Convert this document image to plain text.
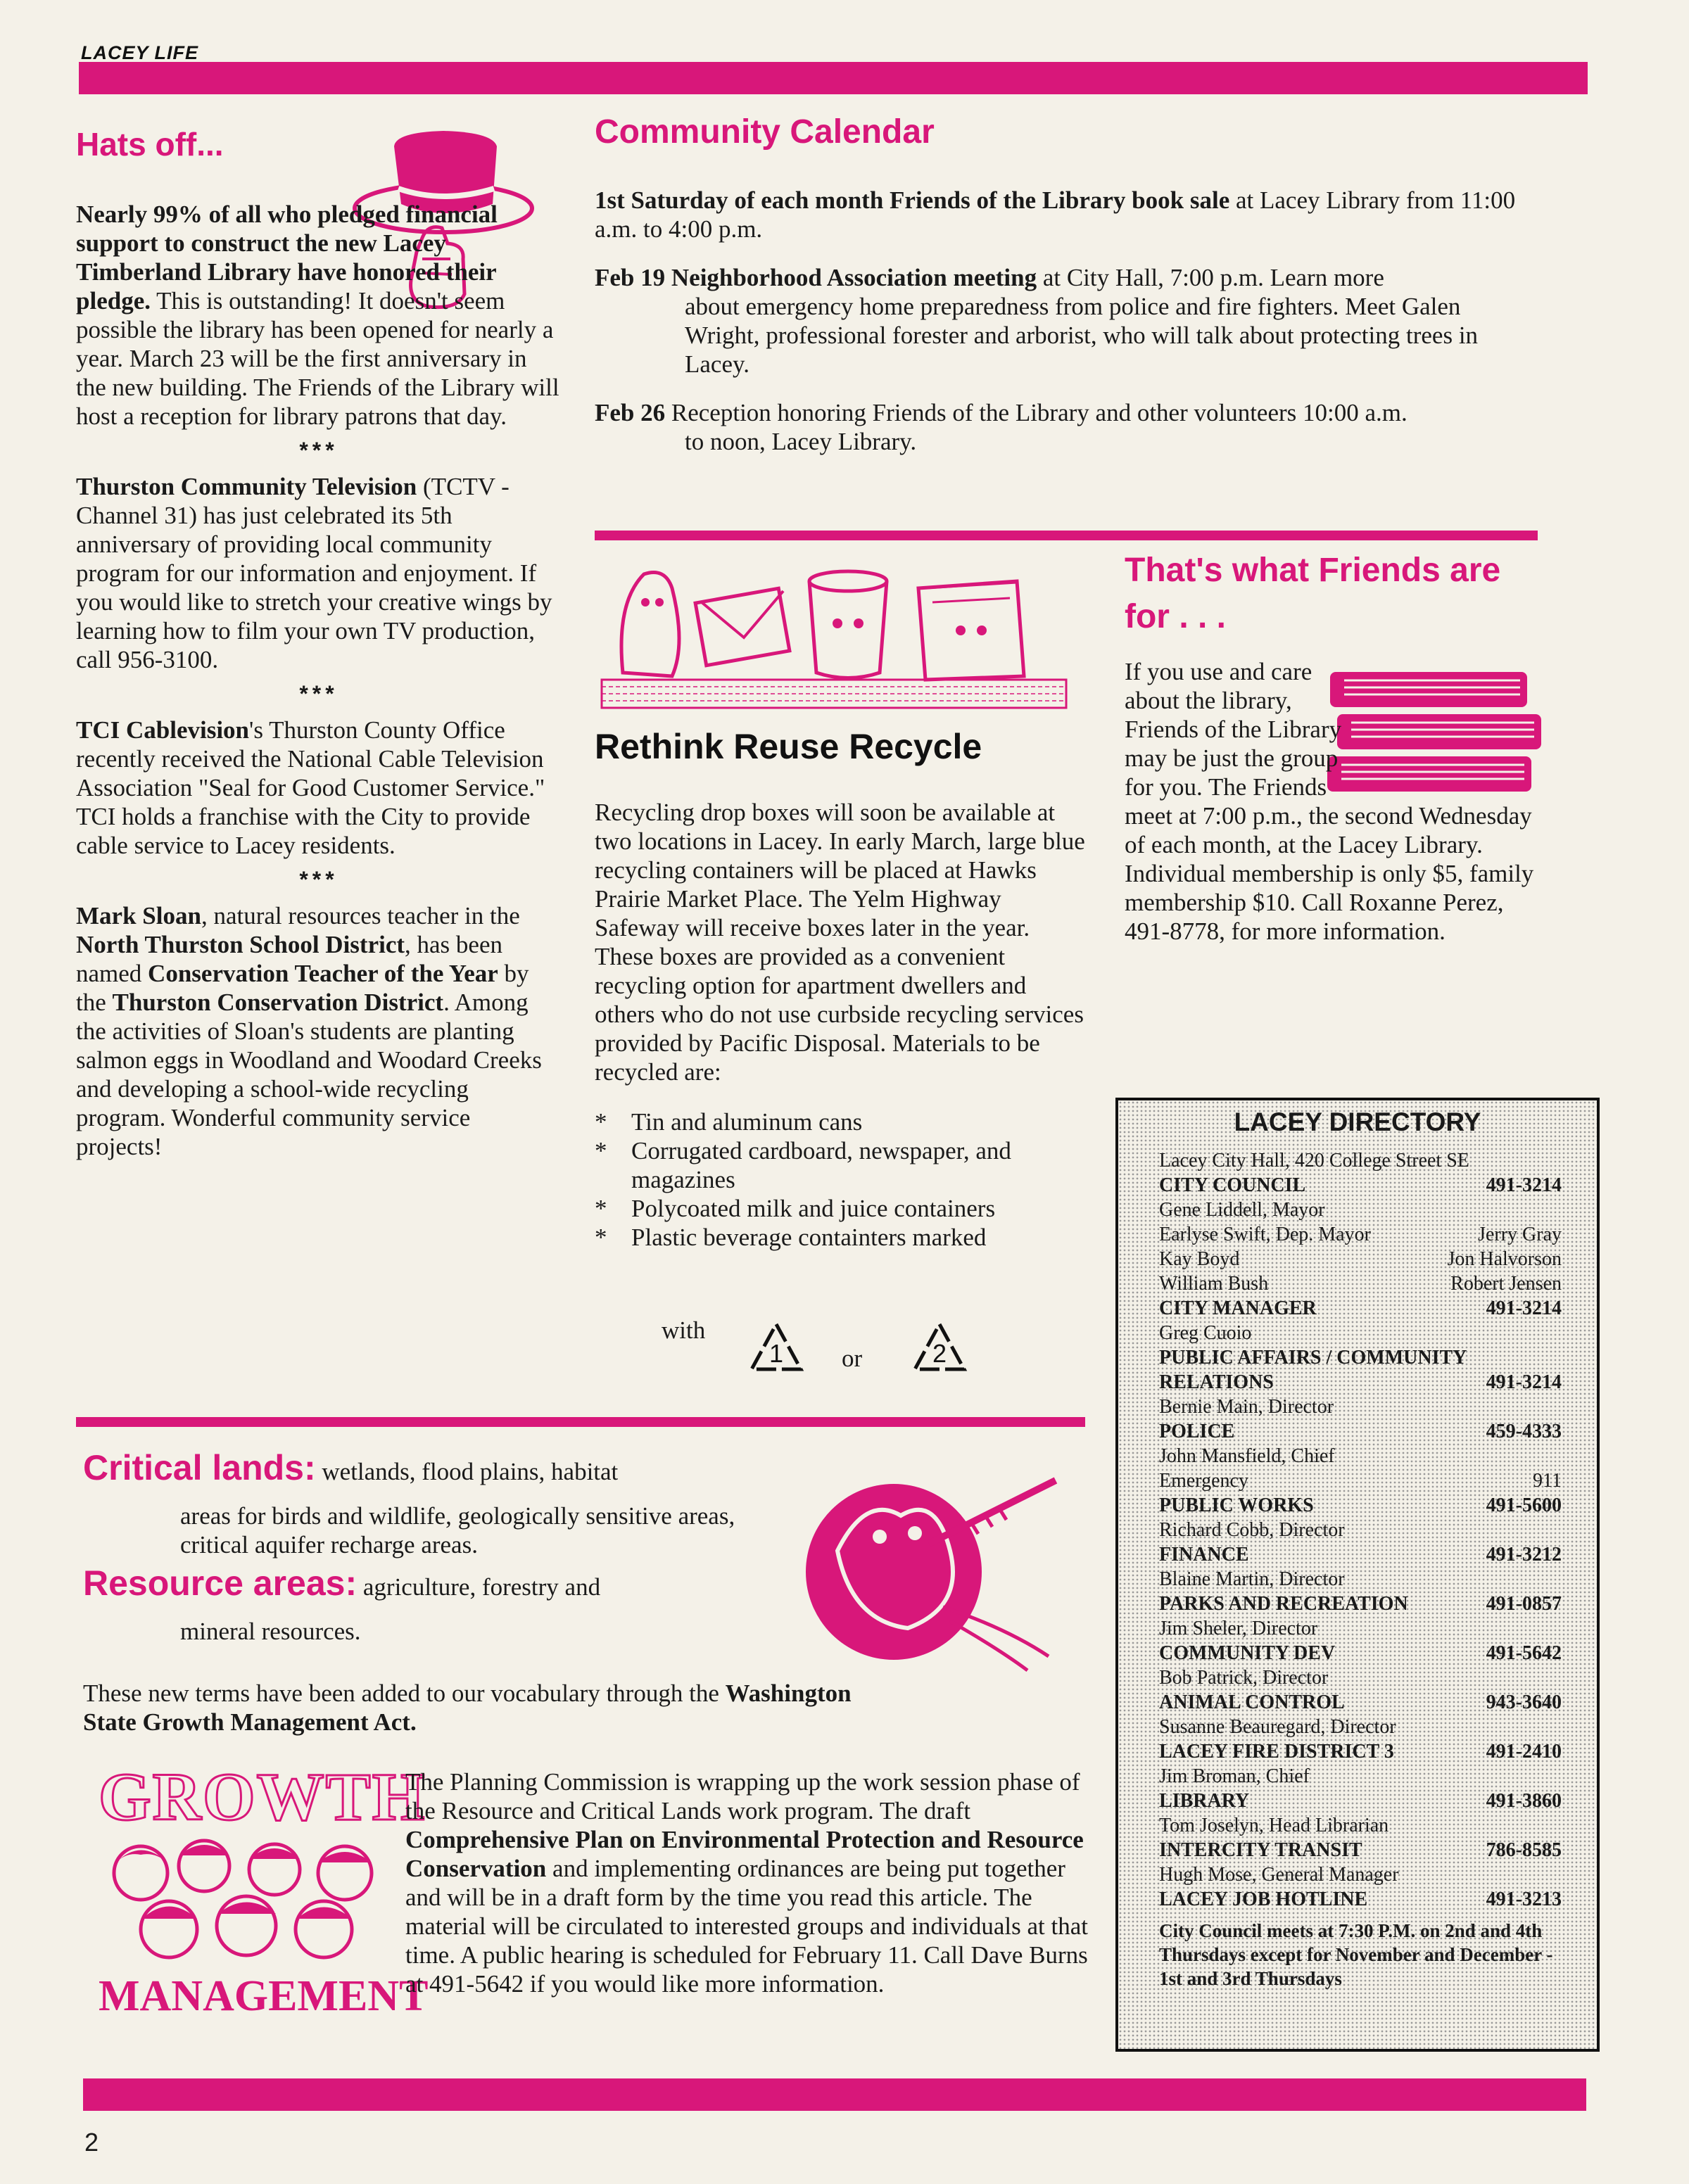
LACEY LIFE
Hats off...

Nearly 99% of all who pledged financial support to construct the new Lacey Timberland Library have honored their pledge. This is outstanding! It doesn't seem possible the library has been opened for nearly a year. March 23 will be the first anniversary in the new building. The Friends of the Library will host a reception for library patrons that day.

***

Thurston Community Television (TCTV - Channel 31) has just celebrated its 5th anniversary of providing local community program for our information and enjoyment. If you would like to stretch your creative wings by learning how to film your own TV production, call 956-3100.

***

TCI Cablevision's Thurston County Office recently received the National Cable Television Association "Seal for Good Customer Service." TCI holds a franchise with the City to provide cable service to Lacey residents.

***

Mark Sloan, natural resources teacher in the North Thurston School District, has been named Conservation Teacher of the Year by the Thurston Conservation District. Among the activities of Sloan's students are planting salmon eggs in Woodland and Woodard Creeks and developing a school-wide recycling program. Wonderful community service projects!

Community Calendar

1st Saturday of each month Friends of the Library book sale at Lacey Library from 11:00 a.m. to 4:00 p.m.

Feb 19 Neighborhood Association meeting at City Hall, 7:00 p.m. Learn more

about emergency home preparedness from police and fire fighters. Meet Galen Wright, professional forester and arborist, who will talk about protecting trees in Lacey.

Feb 26 Reception honoring Friends of the Library and other volunteers 10:00 a.m.

to noon, Lacey Library.

Rethink Reuse Recycle

Recycling drop boxes will soon be available at two locations in Lacey. In early March, large blue recycling containers will be placed at Hawks Prairie Market Place. The Yelm Highway Safeway will receive boxes later in the year. These boxes are provided as a convenient recycling option for apartment dwellers and others who do not use curbside recycling services provided by Pacific Disposal. Materials to be recycled are:

* Tin and aluminum cans
* Corrugated cardboard, newspaper, and magazines
* Polycoated milk and juice containers
* Plastic beverage containters marked
with
1 or	2
That's what Friends are for . . .
If you use and care about the library, Friends of the Library may be just the group for you. The Friends meet at 7:00 p.m., the second Wednesday of each month, at the Lacey Library. Individual membership is only $5, family membership $10. Call Roxanne Perez, 491-8778, for more information.
LACEY DIRECTORY
Lacey City Hall, 420 College Street SE
CITY COUNCIL	491-3214
Gene Liddell, Mayor
Earlyse Swift, Dep. Mayor	Jerry Gray
Kay Boyd	Jon Halvorson
William Bush	Robert Jensen
CITY MANAGER	491-3214
Greg Cuoio
PUBLIC AFFAIRS / COMMUNITY
RELATIONS	491-3214
Bernie Main, Director
POLICE	459-4333
John Mansfield, Chief
Emergency	911
PUBLIC WORKS	491-5600
Richard Cobb, Director
FINANCE	491-3212
Blaine Martin, Director
PARKS AND RECREATION	491-0857
Jim Sheler, Director
COMMUNITY DEV	491-5642
Bob Patrick, Director
ANIMAL CONTROL	943-3640
Susanne Beauregard, Director
LACEY FIRE DISTRICT 3	491-2410
Jim Broman, Chief
LIBRARY	491-3860
Tom Joselyn, Head Librarian
INTERCITY TRANSIT	786-8585
Hugh Mose, General Manager
LACEY JOB HOTLINE	491-3213
City Council meets at 7:30 P.M. on 2nd and 4th Thursdays except for November and December - 1st and 3rd Thursdays
Critical lands: wetlands, flood plains, habitat
areas for birds and wildlife, geologically sensitive areas, critical aquifer recharge areas.
Resource areas: agriculture, forestry and
mineral resources.
These new terms have been added to our vocabulary through the Washington State Growth Management Act.
GROWTH
MANAGEMENT
The Planning Commission is wrapping up the work session phase of the Resource and Critical Lands work program. The draft Comprehensive Plan on Environmental Protection and Resource Conservation and implementing ordinances are being put together and will be in a draft form by the time you read this article. The material will be circulated to interested groups and individuals at that time. A public hearing is scheduled for February 11. Call Dave Burns at 491-5642 if you would like more information.
2
